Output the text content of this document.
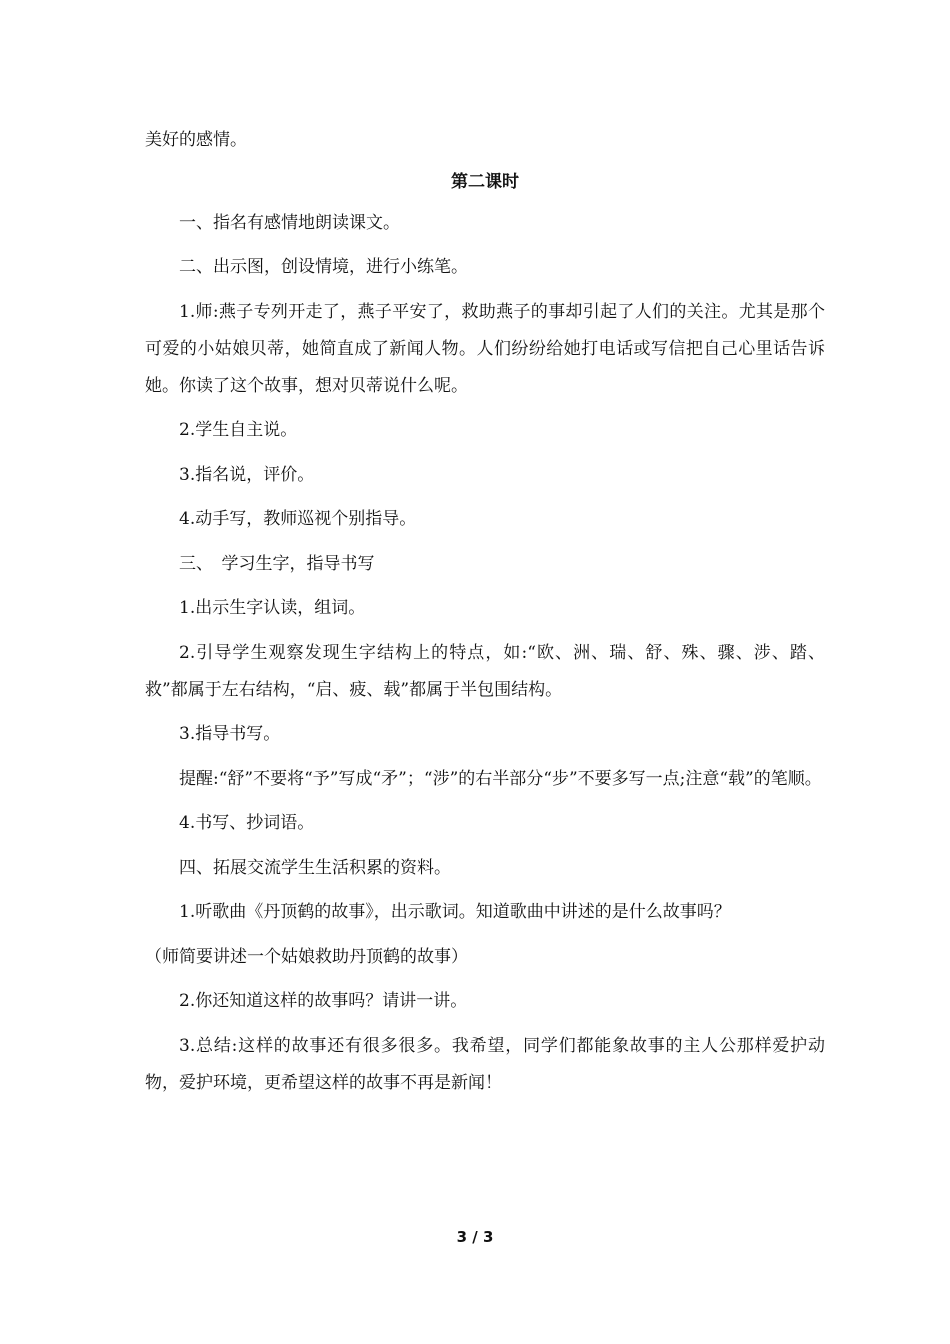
美好的感情。

第二课时

一、指名有感情地朗读课文。

二、出示图，创设情境，进行小练笔。

1.师:燕子专列开走了，燕子平安了，救助燕子的事却引起了人们的关注。尤其是那个可爱的小姑娘贝蒂，她简直成了新闻人物。人们纷纷给她打电话或写信把自己心里话告诉她。你读了这个故事，想对贝蒂说什么呢。

2.学生自主说。

3.指名说，评价。

4.动手写，教师巡视个别指导。

三、　学习生字，指导书写

1.出示生字认读，组词。

2.引导学生观察发现生字结构上的特点，如:“欧、洲、瑞、舒、殊、骤、涉、踏、救”都属于左右结构，“启、疲、载”都属于半包围结构。

3.指导书写。

提醒:“舒”不要将“予”写成“矛”；“涉”的右半部分“步”不要多写一点;注意“载”的笔顺。

4.书写、抄词语。

四、拓展交流学生生活积累的资料。

1.听歌曲《丹顶鹤的故事》，出示歌词。知道歌曲中讲述的是什么故事吗？

（师简要讲述一个姑娘救助丹顶鹤的故事）

2.你还知道这样的故事吗？请讲一讲。

3.总结:这样的故事还有很多很多。我希望，同学们都能象故事的主人公那样爱护动物，爱护环境，更希望这样的故事不再是新闻！

3 / 3
